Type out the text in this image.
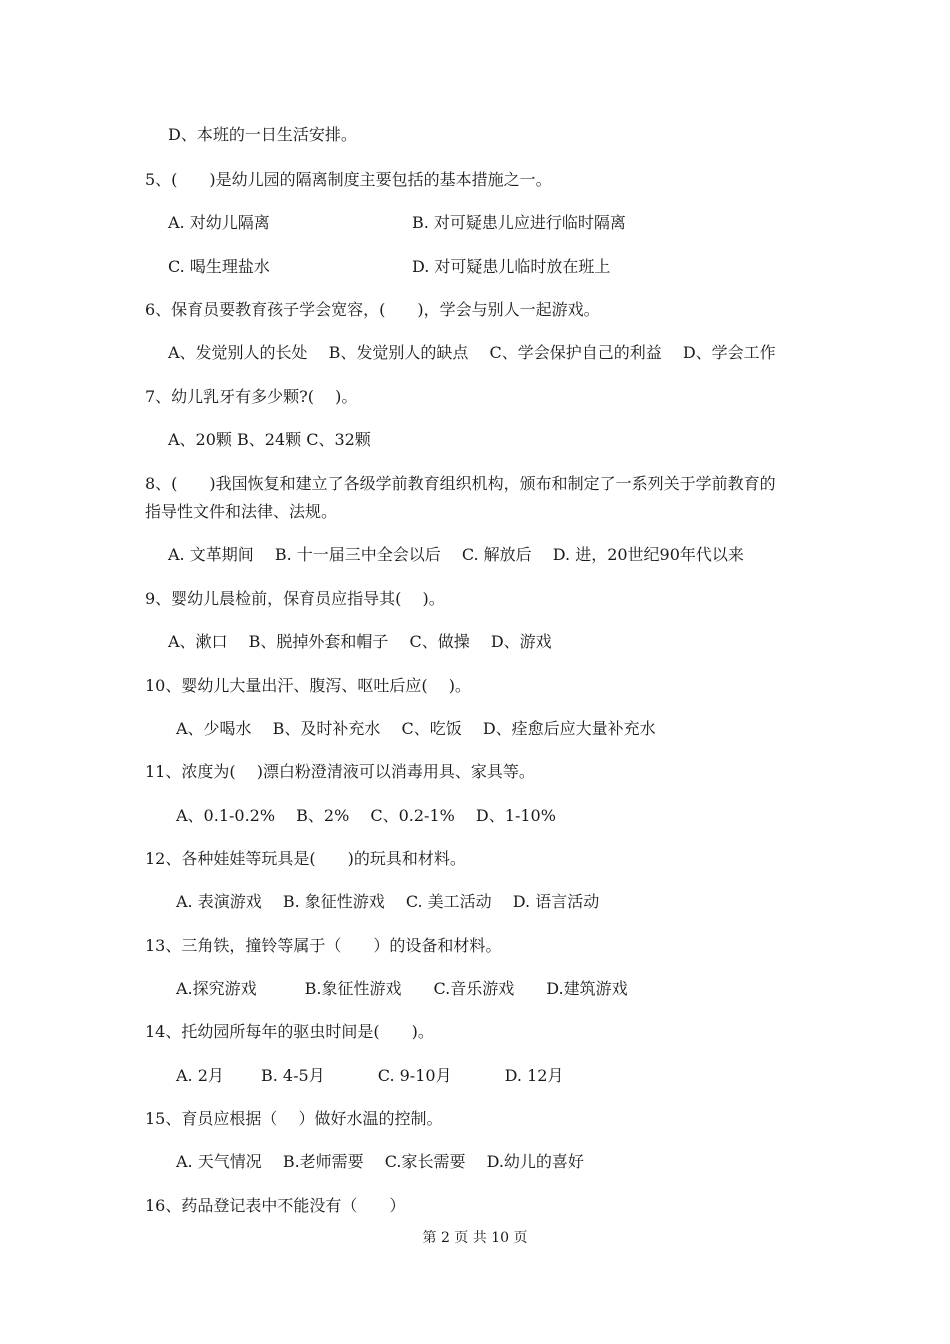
D、本班的一日生活安排。
5、(　　)是幼儿园的隔离制度主要包括的基本措施之一。
A. 对幼儿隔离	B. 对可疑患儿应进行临时隔离
C. 喝生理盐水	D. 对可疑患儿临时放在班上
6、保育员要教育孩子学会宽容，(　　)，学会与别人一起游戏。
A、发觉别人的长处　 B、发觉别人的缺点　 C、学会保护自己的利益　 D、学会工作
7、幼儿乳牙有多少颗?(　 )。
A、20颗 B、24颗 C、32颗
8、(　　)我国恢复和建立了各级学前教育组织机构，颁布和制定了一系列关于学前教育的
指导性文件和法律、法规。
A. 文革期间　 B. 十一届三中全会以后　 C. 解放后　 D. 进，20世纪90年代以来
9、婴幼儿晨检前，保育员应指导其(　 )。
A、漱口　 B、脱掉外套和帽子　 C、做操　 D、游戏
10、婴幼儿大量出汗、腹泻、呕吐后应(　 )。
A、少喝水　 B、及时补充水　 C、吃饭　 D、痊愈后应大量补充水
11、浓度为(　 )漂白粉澄清液可以消毒用具、家具等。
A、0.1-0.2%　 B、2%　 C、0.2-1%　 D、1-10%
12、各种娃娃等玩具是(　　)的玩具和材料。
A. 表演游戏　 B. 象征性游戏　 C. 美工活动　 D. 语言活动
13、三角铁，撞铃等属于（　　）的设备和材料。
A.探究游戏　　　B.象征性游戏　　C.音乐游戏　　D.建筑游戏
14、托幼园所每年的驱虫时间是(　　)。
A. 2月　　 B. 4-5月　　　 C. 9-10月　　　 D. 12月
15、育员应根据（　 ）做好水温的控制。
A. 天气情况　 B.老师需要　 C.家长需要　 D.幼儿的喜好
16、药品登记表中不能没有（　　）
第 2 页 共 10 页
